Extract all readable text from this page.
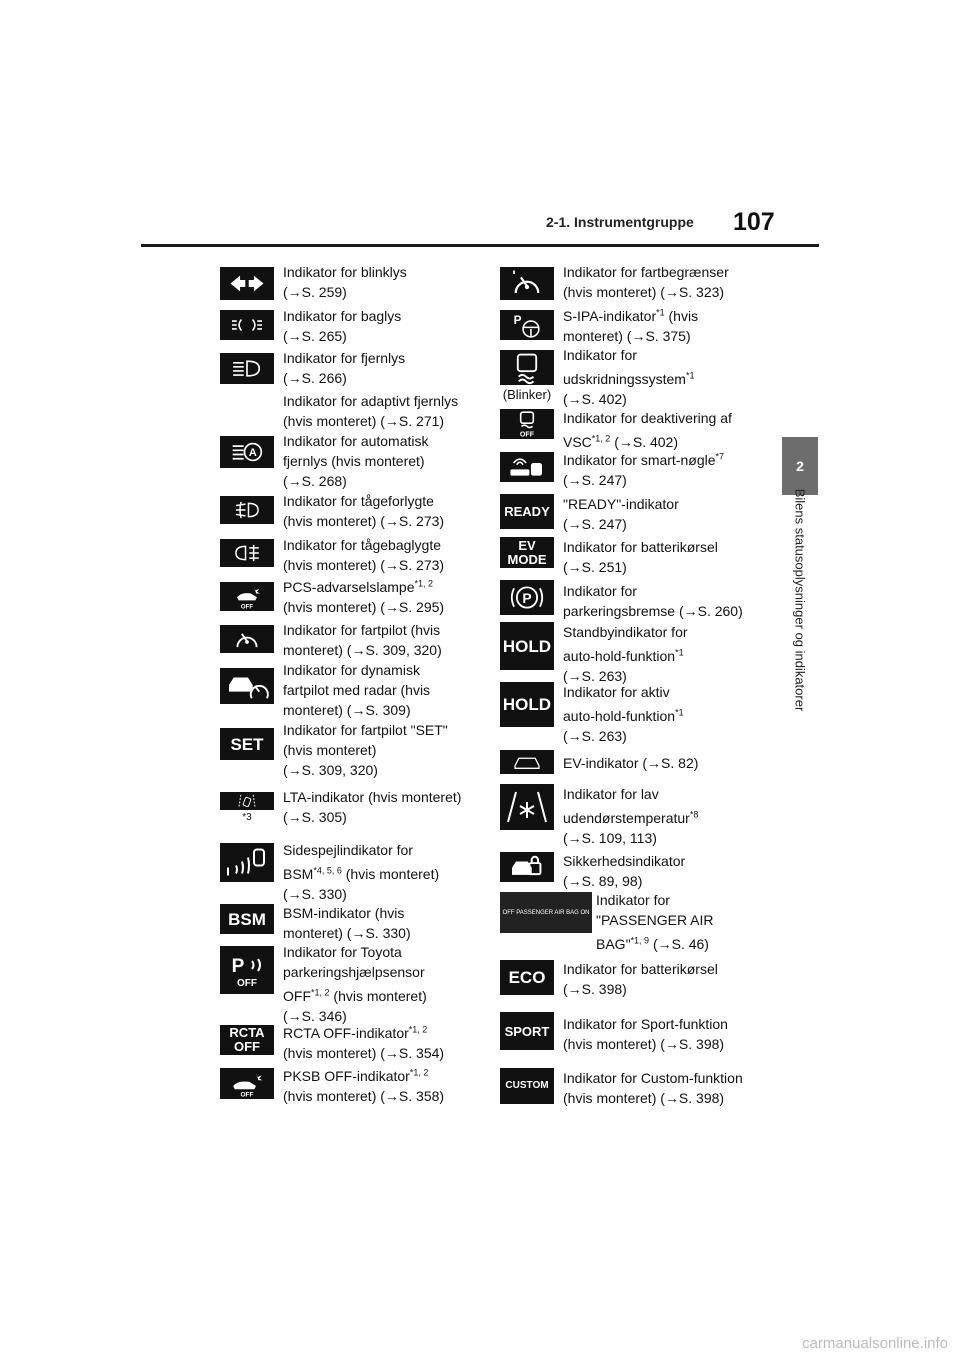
2-1. Instrumentgruppe 107
2
Bilens statusoplysninger og indikatorer
Indikator for blinklys
(→S. 259)
Indikator for baglys
(→S. 265)
Indikator for fjernlys
(→S. 266)
A
Indikator for adaptivt fjernlys
(hvis monteret) (→S. 271)
Indikator for automatisk
fjernlys (hvis monteret)
(→S. 268)
Indikator for tågeforlygte
(hvis monteret) (→S. 273)
Indikator for tågebaglygte
(hvis monteret) (→S. 273)
OFF
PCS-advarselslampe$^{*1, 2}$
(hvis monteret) (→S. 295)
Indikator for fartpilot (hvis
monteret) (→S. 309, 320)
Indikator for dynamisk
fartpilot med radar (hvis
monteret) (→S. 309)
SET
Indikator for fartpilot "SET"
(hvis monteret)
(→S. 309, 320)
*3
LTA-indikator (hvis monteret)
(→S. 305)
Sidespejlindikator for
BSM$^{*4, 5, 6}$ (hvis monteret)
(→S. 330)
BSM BSM-indikator (hvis
monteret) (→S. 330)
P
OFF
Indikator for Toyota
parkeringshjælpsensor
OFF$^{*1, 2}$ (hvis monteret)
(→S. 346)
RCTA OFF
RCTA OFF-indikator$^{*1, 2}$
(hvis monteret) (→S. 354)
OFF
PKSB OFF-indikator$^{*1, 2}$
(hvis monteret) (→S. 358)
Indikator for fartbegrænser
(hvis monteret) (→S. 323)
P	S-IPA-indikator$^{*1}$ (hvis
monteret) (→S. 375)
(Blinker)
Indikator for
udskridningssystem$^{*1}$
(→S. 402)
OFF
Indikator for deaktivering af
VSC$^{*1, 2}$ (→S. 402)
Indikator for smart-nøgle$^{*7}$
(→S. 247)
READY "READY"-indikator
(→S. 247)
EV MODE
Indikator for batterikørsel
(→S. 251)
P Indikator for
parkeringsbremse (→S. 260)
HOLD
Standbyindikator for
auto-hold-funktion$^{*1}$
(→S. 263)
HOLD
Indikator for aktiv
auto-hold-funktion$^{*1}$
(→S. 263)
EV-indikator (→S. 82)
Indikator for lav
udendørstemperatur$^{*8}$
(→S. 109, 113)
Sikkerhedsindikator
(→S. 89, 98)
OFF PASSENGER AIR BAG ON
Indikator for
"PASSENGER AIR
BAG"$^{*1, 9}$ (→S. 46)
ECO Indikator for batterikørsel
(→S. 398)
SPORT Indikator for Sport-funktion
(hvis monteret) (→S. 398)
CUSTOM Indikator for Custom-funktion
(hvis monteret) (→S. 398)
carmanualsonline.info
